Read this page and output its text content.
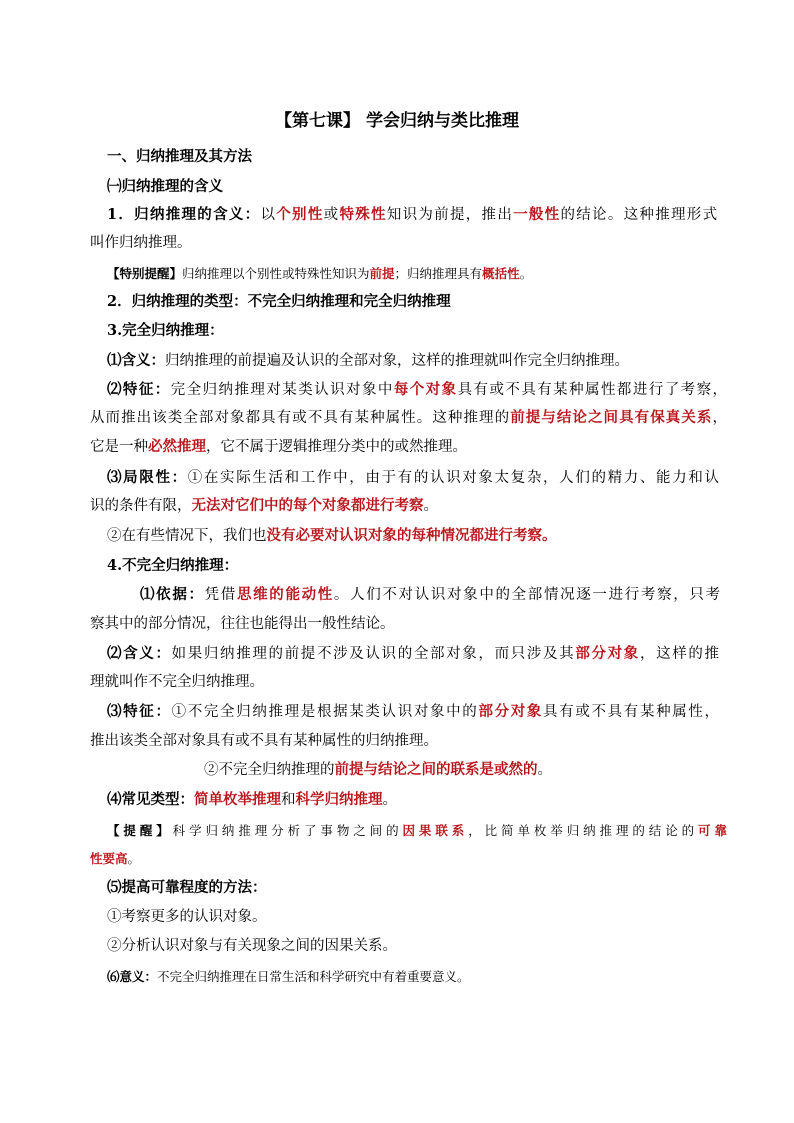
【第七课】 学会归纳与类比推理
一、归纳推理及其方法
㈠归纳推理的含义
1．归纳推理的含义：以个别性或特殊性知识为前提，推出一般性的结论。这种推理形式
叫作归纳推理。
【特别提醒】归纳推理以个别性或特殊性知识为前提；归纳推理具有概括性。
2．归纳推理的类型：不完全归纳推理和完全归纳推理
3.完全归纳推理：
⑴含义：归纳推理的前提遍及认识的全部对象，这样的推理就叫作完全归纳推理。
⑵特征：完全归纳推理对某类认识对象中每个对象具有或不具有某种属性都进行了考察，
从而推出该类全部对象都具有或不具有某种属性。这种推理的前提与结论之间具有保真关系，
它是一种必然推理，它不属于逻辑推理分类中的或然推理。
⑶局限性：①在实际生活和工作中，由于有的认识对象太复杂，人们的精力、能力和认
识的条件有限，无法对它们中的每个对象都进行考察。
②在有些情况下，我们也没有必要对认识对象的每种情况都进行考察。
4.不完全归纳推理：
⑴依据：凭借思维的能动性。人们不对认识对象中的全部情况逐一进行考察，只考
察其中的部分情况，往往也能得出一般性结论。
⑵含义：如果归纳推理的前提不涉及认识的全部对象，而只涉及其部分对象，这样的推
理就叫作不完全归纳推理。
⑶特征：①不完全归纳推理是根据某类认识对象中的部分对象具有或不具有某种属性，
推出该类全部对象具有或不具有某种属性的归纳推理。
②不完全归纳推理的前提与结论之间的联系是或然的。
⑷常见类型：简单枚举推理和科学归纳推理。
【提醒】科学归纳推理分析了事物之间的因果联系，比简单枚举归纳推理的结论的可靠
性要高。
⑸提高可靠程度的方法：
①考察更多的认识对象。
②分析认识对象与有关现象之间的因果关系。
⑹意义：不完全归纳推理在日常生活和科学研究中有着重要意义。
